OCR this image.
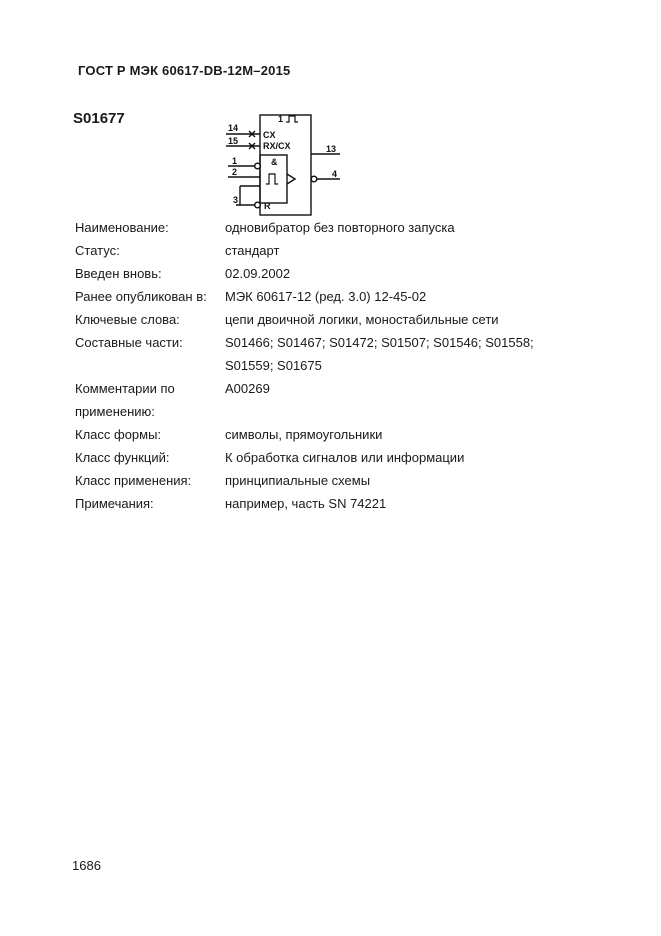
ГОСТ Р МЭК 60617-DB-12М–2015
S01677	1
14
15
1
2
3
13
4
CX
RX/CX
&
R
Наименование:	одновибратор без повторного запуска
Статус:	стандарт
Введен вновь:	02.09.2002
Ранее опубликован в:	МЭК 60617-12 (ред. 3.0) 12-45-02
Ключевые слова:	цепи двоичной логики, моностабильные сети
Составные части:	S01466; S01467; S01472; S01507; S01546; S01558;
S01559; S01675
Комментарии по
применению:
A00269
Класс формы:	символы, прямоугольники
Класс функций:	К обработка сигналов или информации
Класс применения:	принципиальные схемы
Примечания:	например, часть SN 74221
1686
